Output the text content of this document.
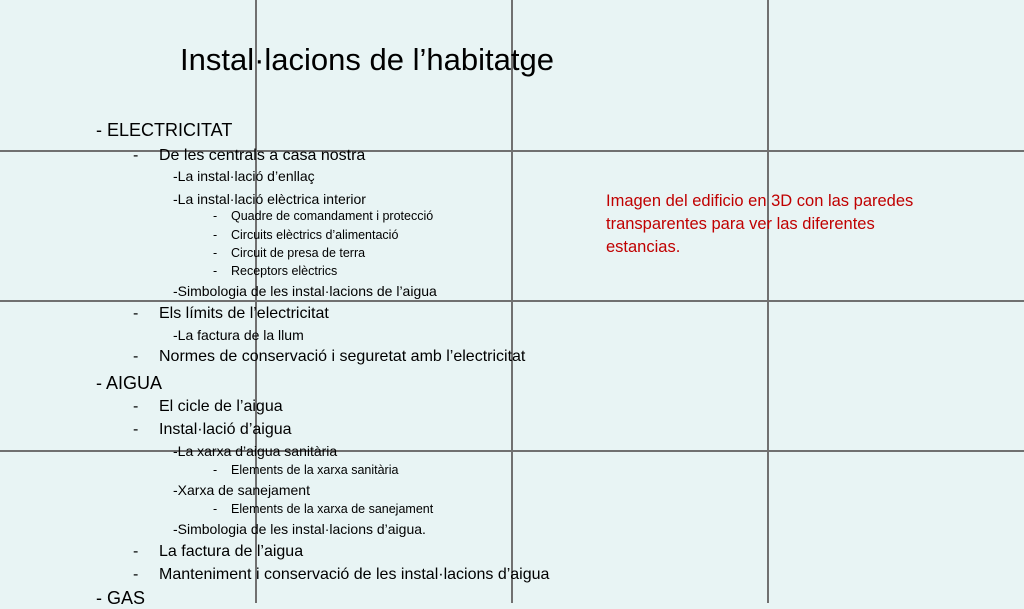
Instal·lacions de l’habitatge
- ELECTRICITAT
- De les centrals a casa nostra
-La instal·lació d’enllaç
-La instal·lació elèctrica interior
- Quadre de comandament i protecció
- Circuits elèctrics d’alimentació
- Circuit de presa de terra
- Receptors elèctrics
-Simbologia de les instal·lacions de l’aigua
- Els límits de l’electricitat
-La factura de la llum
- Normes de conservació i seguretat amb l’electricitat
- AIGUA
- El cicle de l’aigua
- Instal·lació d’aigua
-La xarxa d’aigua sanitària
- Elements de la xarxa sanitària
-Xarxa de sanejament
- Elements de la xarxa de sanejament
-Simbologia de les instal·lacions d’aigua.
- La factura de l’aigua
- Manteniment i conservació de les instal·lacions d’aigua
- GAS
Imagen del edificio en 3D con las paredes transparentes para ver las diferentes estancias.
